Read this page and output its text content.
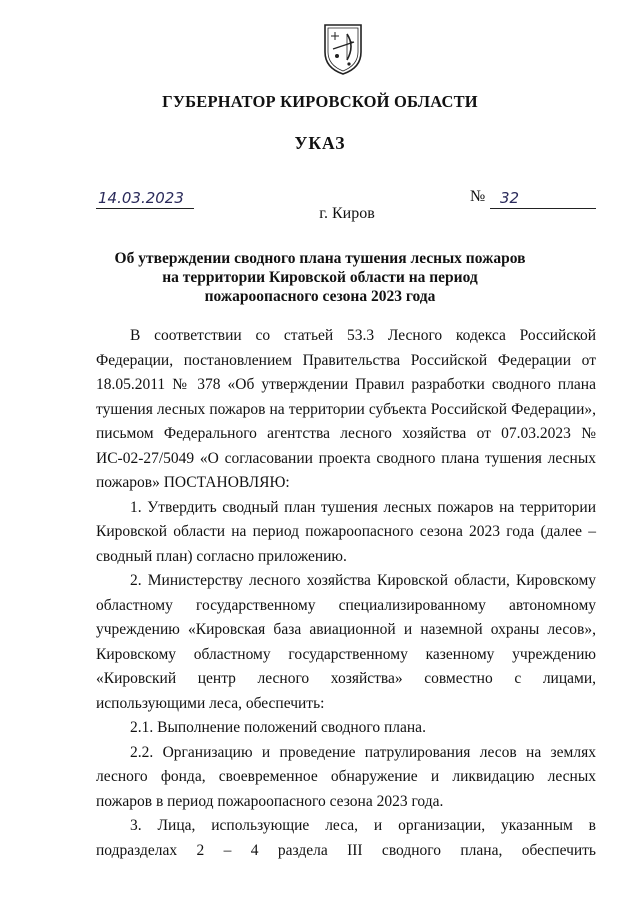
ГУБЕРНАТОР КИРОВСКОЙ ОБЛАСТИ
УКАЗ
14.03.2023	№ 32
г. Киров
Об утверждении сводного плана тушения лесных пожаров
на территории Кировской области на период
пожароопасного сезона 2023 года

В соответствии со статьей 53.3 Лесного кодекса Российской Федерации, постановлением Правительства Российской Федерации от 18.05.2011 № 378 «Об утверждении Правил разработки сводного плана тушения лесных пожаров на территории субъекта Российской Федерации», письмом Федерального агентства лесного хозяйства от 07.03.2023 № ИС-02-27/5049 «О согласовании проекта сводного плана тушения лесных пожаров» ПОСТАНОВЛЯЮ:

1. Утвердить сводный план тушения лесных пожаров на территории Кировской области на период пожароопасного сезона 2023 года (далее – сводный план) согласно приложению.

2. Министерству лесного хозяйства Кировской области, Кировскому областному государственному специализированному автономному учреждению «Кировская база авиационной и наземной охраны лесов», Кировскому областному государственному казенному учреждению «Кировский центр лесного хозяйства» совместно с лицами, использующими леса, обеспечить:

2.1. Выполнение положений сводного плана.

2.2. Организацию и проведение патрулирования лесов на землях лесного фонда, своевременное обнаружение и ликвидацию лесных пожаров в период пожароопасного сезона 2023 года.

3. Лица, использующие леса, и организации, указанным в подразделах 2 – 4 раздела III сводного плана, обеспечить
